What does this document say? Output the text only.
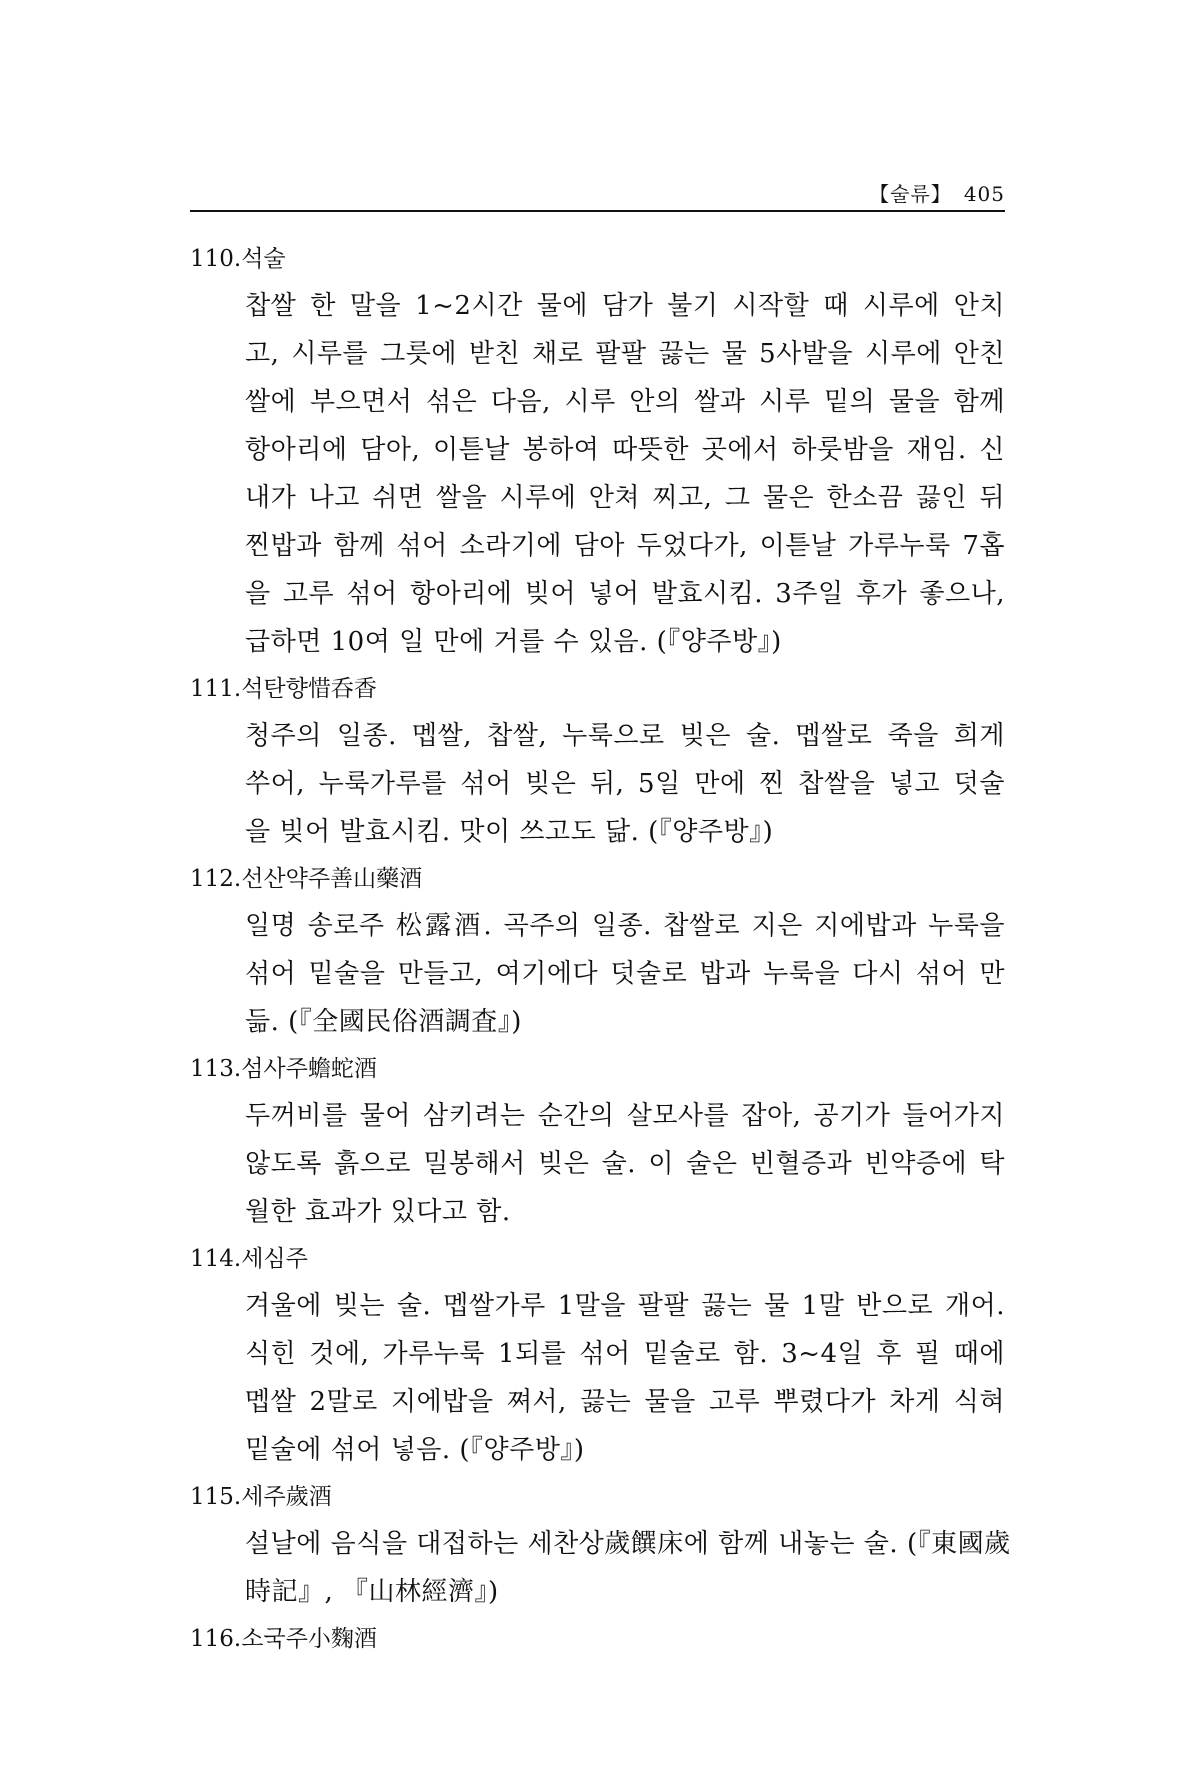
【술류】 405
110.석술
찹쌀 한 말을 1~2시간 물에 담가 불기 시작할 때 시루에 안치
고, 시루를 그릇에 받친 채로 팔팔 끓는 물 5사발을 시루에 안친
쌀에 부으면서 섞은 다음, 시루 안의 쌀과 시루 밑의 물을 함께
항아리에 담아, 이튿날 봉하여 따뜻한 곳에서 하룻밤을 재임. 신
내가 나고 쉬면 쌀을 시루에 안쳐 찌고, 그 물은 한소끔 끓인 뒤
찐밥과 함께 섞어 소라기에 담아 두었다가, 이튿날 가루누룩 7홉
을 고루 섞어 항아리에 빚어 넣어 발효시킴. 3주일 후가 좋으나,
급하면 10여 일 만에 거를 수 있음. (『양주방』)
111.석탄향惜呑香
청주의 일종. 멥쌀, 찹쌀, 누룩으로 빚은 술. 멥쌀로 죽을 희게
쑤어, 누룩가루를 섞어 빚은 뒤, 5일 만에 찐 찹쌀을 넣고 덧술
을 빚어 발효시킴. 맛이 쓰고도 닮. (『양주방』)
112.선산약주善山藥酒
일명 송로주 松露酒. 곡주의 일종. 찹쌀로 지은 지에밥과 누룩을
섞어 밑술을 만들고, 여기에다 덧술로 밥과 누룩을 다시 섞어 만
듦. (『全國民俗酒調査』)
113.섬사주蟾蛇酒
두꺼비를 물어 삼키려는 순간의 살모사를 잡아, 공기가 들어가지
않도록 흙으로 밀봉해서 빚은 술. 이 술은 빈혈증과 빈약증에 탁
월한 효과가 있다고 함.
114.세심주
겨울에 빚는 술. 멥쌀가루 1말을 팔팔 끓는 물 1말 반으로 개어.
식힌 것에, 가루누룩 1되를 섞어 밑술로 함. 3~4일 후 필 때에
멥쌀 2말로 지에밥을 쪄서, 끓는 물을 고루 뿌렸다가 차게 식혀
밑술에 섞어 넣음. (『양주방』)
115.세주歲酒
설날에 음식을 대접하는 세찬상歲饌床에 함께 내놓는 술. (『東國歲
時記』, 『山林經濟』)
116.소국주小麴酒
